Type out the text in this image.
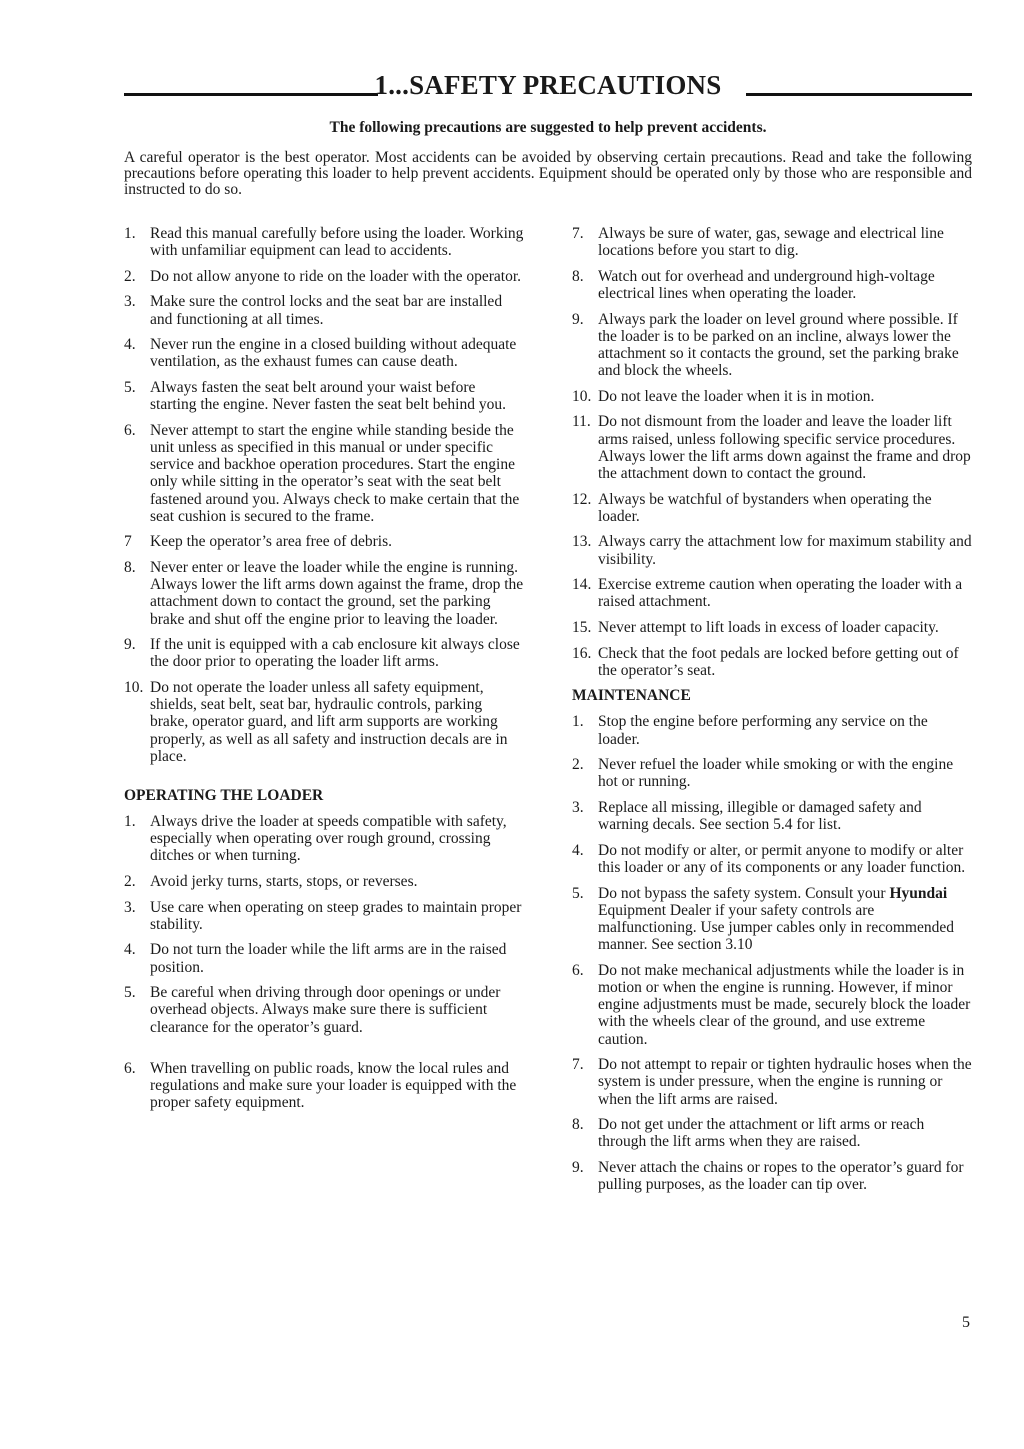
1...SAFETY PRECAUTIONS
The following precautions are suggested to help prevent accidents.
A careful operator is the best operator. Most accidents can be avoided by observing certain precautions. Read and take the following precautions before operating this loader to help prevent accidents. Equipment should be operated only by those who are responsible and instructed to do so.
1. Read this manual carefully before using the loader. Working with unfamiliar equipment can lead to accidents.
2. Do not allow anyone to ride on the loader with the operator.
3. Make sure the control locks and the seat bar are installed and functioning at all times.
4. Never run the engine in a closed building without adequate ventilation, as the exhaust fumes can cause death.
5. Always fasten the seat belt around your waist before starting the engine. Never fasten the seat belt behind you.
6. Never attempt to start the engine while standing beside the unit unless as specified in this manual or under specific service and backhoe operation procedures. Start the engine only while sitting in the operator’s seat with the seat belt fastened around you. Always check to make certain that the seat cushion is secured to the frame.
7 Keep the operator’s area free of debris.
8. Never enter or leave the loader while the engine is running. Always lower the lift arms down against the frame, drop the attachment down to contact the ground, set the parking brake and shut off the engine prior to leaving the loader.
9. If the unit is equipped with a cab enclosure kit always close the door prior to operating the loader lift arms.
10. Do not operate the loader unless all safety equipment, shields, seat belt, seat bar, hydraulic controls, parking brake, operator guard, and lift arm supports are working properly, as well as all safety and instruction decals are in place.
OPERATING THE LOADER
1. Always drive the loader at speeds compatible with safety, especially when operating over rough ground, crossing ditches or when turning.
2. Avoid jerky turns, starts, stops, or reverses.
3. Use care when operating on steep grades to maintain proper stability.
4. Do not turn the loader while the lift arms are in the raised position.
5. Be careful when driving through door openings or under overhead objects. Always make sure there is sufficient clearance for the operator’s guard.
6. When travelling on public roads, know the local rules and regulations and make sure your loader is equipped with the proper safety equipment.
7. Always be sure of water, gas, sewage and electrical line locations before you start to dig.
8. Watch out for overhead and underground high-voltage electrical lines when operating the loader.
9. Always park the loader on level ground where possible. If the loader is to be parked on an incline, always lower the attachment so it contacts the ground, set the parking brake and block the wheels.
10. Do not leave the loader when it is in motion.
11. Do not dismount from the loader and leave the loader lift arms raised, unless following specific service procedures. Always lower the lift arms down against the frame and drop the attachment down to contact the ground.
12. Always be watchful of bystanders when operating the loader.
13. Always carry the attachment low for maximum stability and visibility.
14. Exercise extreme caution when operating the loader with a raised attachment.
15. Never attempt to lift loads in excess of loader capacity.
16. Check that the foot pedals are locked before getting out of the operator’s seat.
MAINTENANCE
1. Stop the engine before performing any service on the loader.
2. Never refuel the loader while smoking or with the engine hot or running.
3. Replace all missing, illegible or damaged safety and warning decals. See section 5.4 for list.
4. Do not modify or alter, or permit anyone to modify or alter this loader or any of its components or any loader function.
5. Do not bypass the safety system. Consult your Hyundai Equipment Dealer if your safety controls are malfunctioning. Use jumper cables only in recommended manner. See section 3.10
6. Do not make mechanical adjustments while the loader is in motion or when the engine is running. However, if minor engine adjustments must be made, securely block the loader with the wheels clear of the ground, and use extreme caution.
7. Do not attempt to repair or tighten hydraulic hoses when the system is under pressure, when the engine is running or when the lift arms are raised.
8. Do not get under the attachment or lift arms or reach through the lift arms when they are raised.
9. Never attach the chains or ropes to the operator’s guard for pulling purposes, as the loader can tip over.
5
